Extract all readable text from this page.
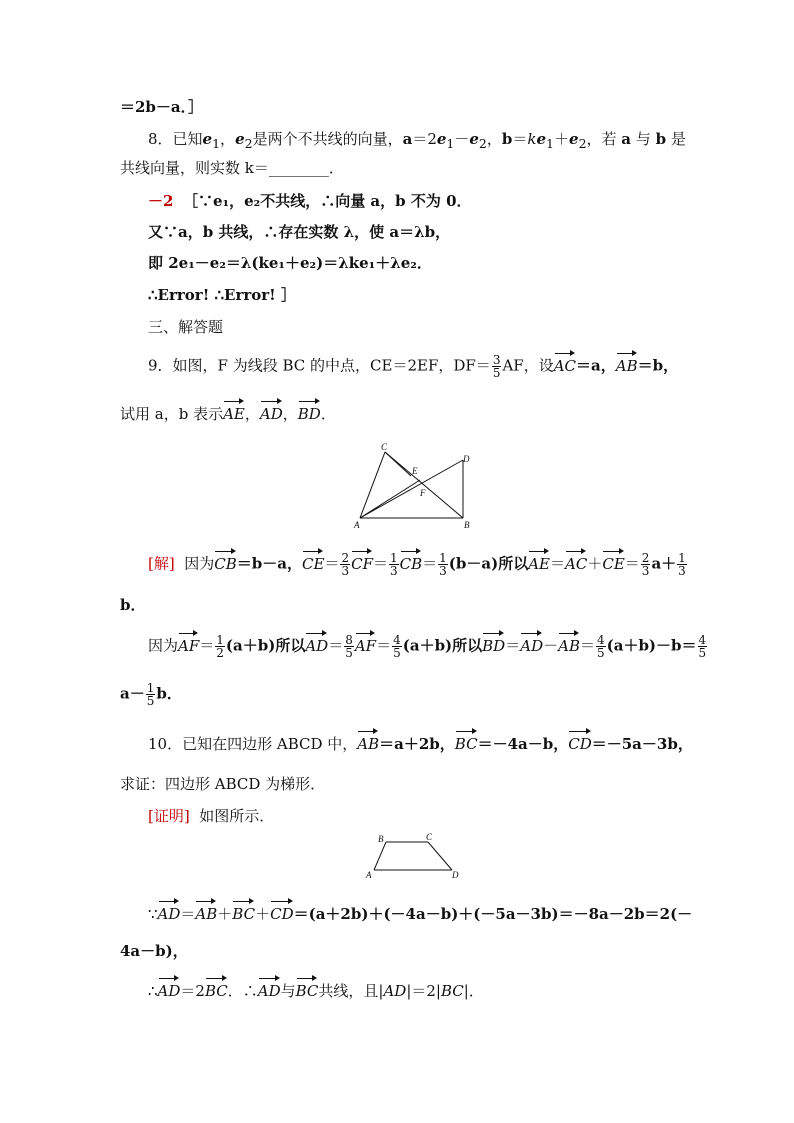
＝2b－a．］
8．已知$e_1$，$e_2$是两个不共线的向量，$a=2e_1-e_2$，$b=ke_1+e_2$，若 a 与 b 是
共线向量，则实数 k＝________．
－2 ［∵e₁，e₂不共线，∴向量 a，b 不为 0．
又∵a，b 共线，∴存在实数 λ，使 a＝λb，
即 2e₁－e₂＝λ(ke₁＋e₂)＝λke₁＋λe₂．
∴Error! ∴Error! ］
三、解答题
9．如图，F 为线段 BC 的中点，CE＝2EF，$DF= \frac{3}{5}$ AF，设AC＝a，AB＝b，
试用 a，b 表示AE，AD，BD．
C
E
D
F
A	B
[解] 因为CB＝b－a，$CE= \frac{2}{3} CF= \frac{1}{3} CB= \frac{1}{3} (b-a)$所以$AE=AC+CE= \frac{2}{3} a+ \frac{1}{3}$
b．
因为$AF= \frac{1}{2} (a+b)$所以$AD= \frac{8}{5} AF= \frac{4}{5} (a+b)$所以$BD=AD-AB= \frac{4}{5} (a+b)-b= \frac{4}{5}$
$a- \frac{1}{5}$ b．
10．已知在四边形 ABCD 中，AB＝a＋2b，BC＝－4a－b，CD＝－5a－3b，
求证：四边形 ABCD 为梯形．
[证明] 如图所示．
B	C
A	D
∵AD＝AB＋BC＋CD＝(a＋2b)＋(－4a－b)＋(－5a－3b)＝－8a－2b＝2(－
4a－b)，
∴AD＝2BC．∴AD与BC共线，且|AD|＝2|BC|．
